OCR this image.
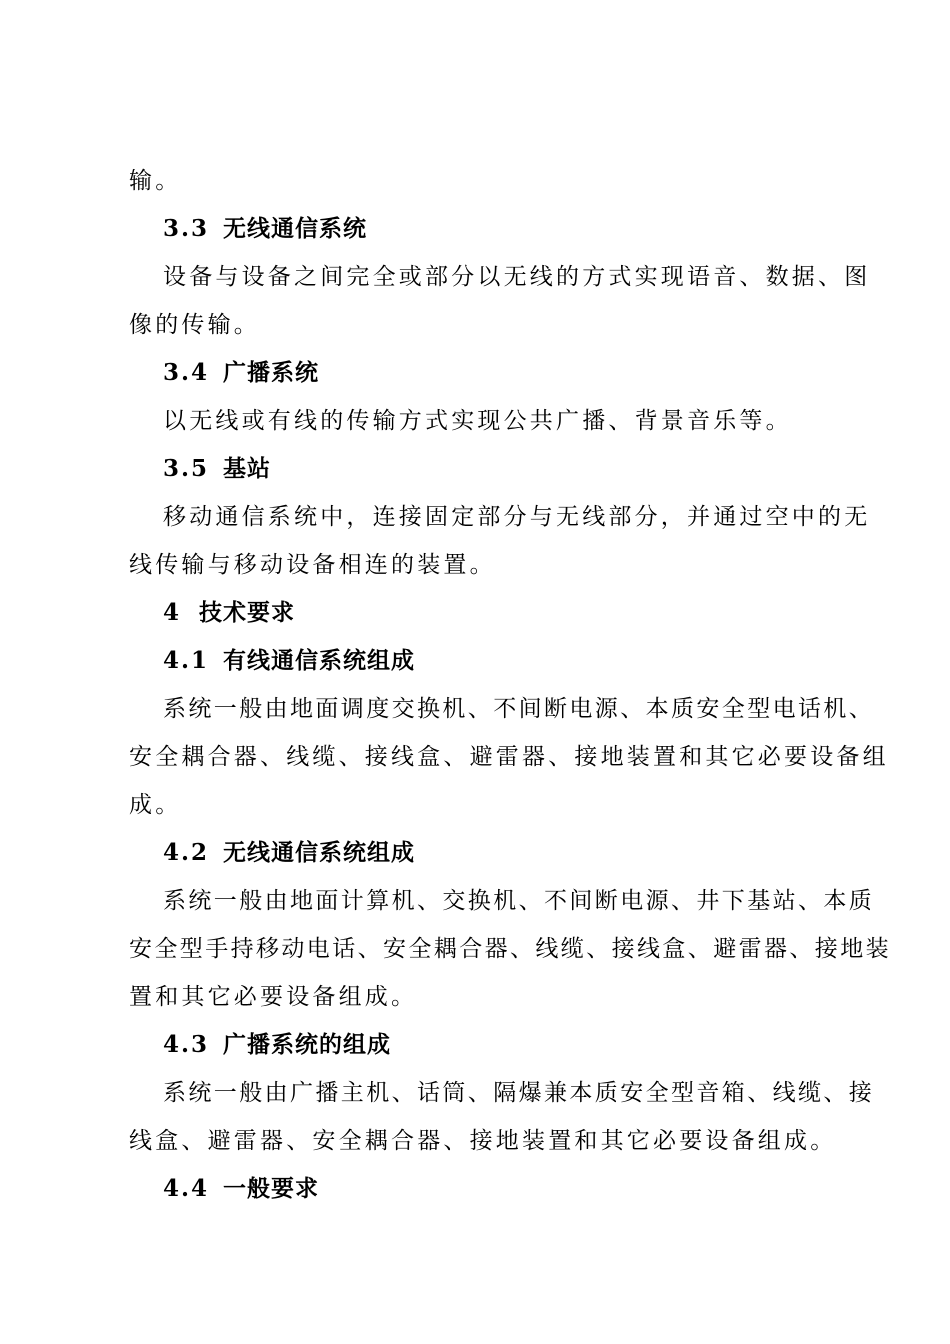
输。
3.3 无线通信系统
设备与设备之间完全或部分以无线的方式实现语音、数据、图
像的传输。
3.4 广播系统
以无线或有线的传输方式实现公共广播、背景音乐等。
3.5 基站
移动通信系统中，连接固定部分与无线部分，并通过空中的无
线传输与移动设备相连的装置。
4 技术要求
4.1 有线通信系统组成
系统一般由地面调度交换机、不间断电源、本质安全型电话机、
安全耦合器、线缆、接线盒、避雷器、接地装置和其它必要设备组
成。
4.2 无线通信系统组成
系统一般由地面计算机、交换机、不间断电源、井下基站、本质
安全型手持移动电话、安全耦合器、线缆、接线盒、避雷器、接地装
置和其它必要设备组成。
4.3 广播系统的组成
系统一般由广播主机、话筒、隔爆兼本质安全型音箱、线缆、接
线盒、避雷器、安全耦合器、接地装置和其它必要设备组成。
4.4 一般要求
